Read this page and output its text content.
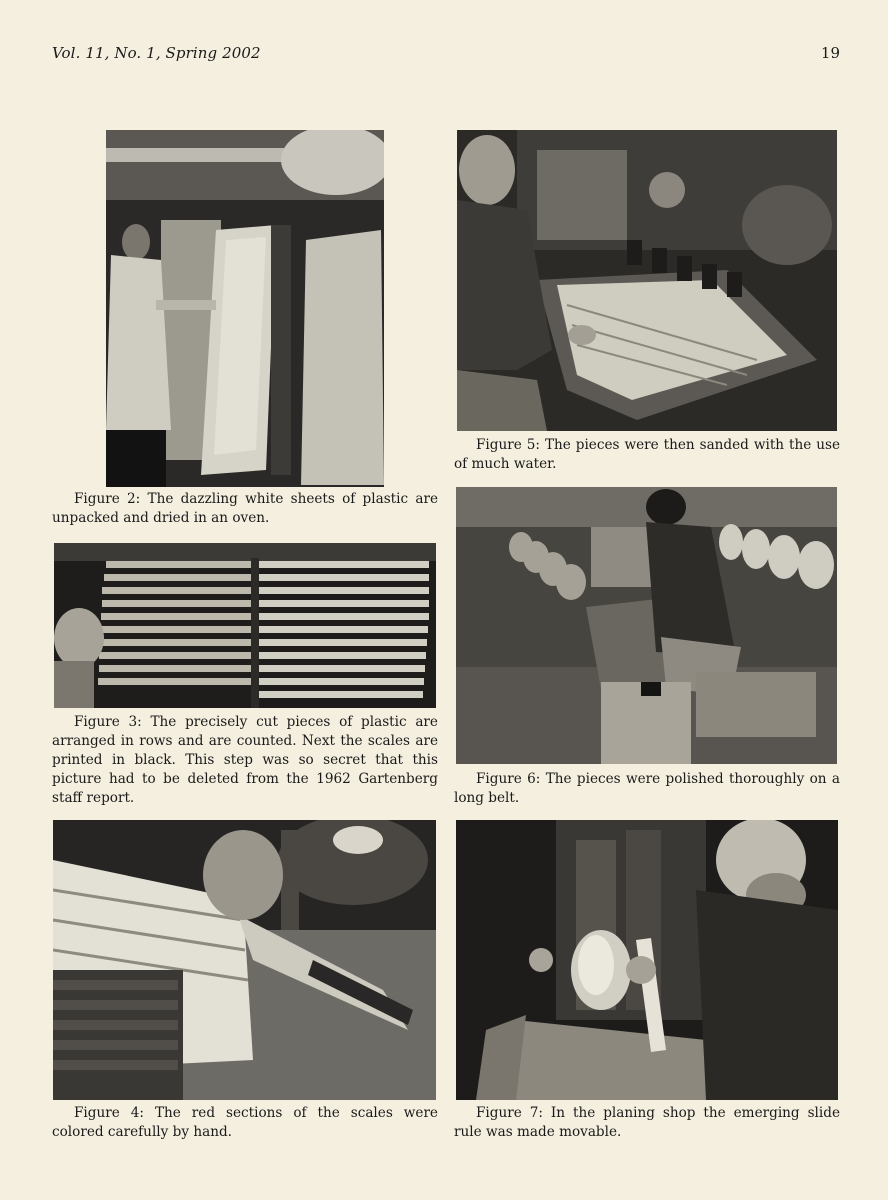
Vol. 11, No. 1, Spring 2002	19

Figure 2: The dazzling white sheets of plastic are unpacked and dried in an oven.

Figure 3: The precisely cut pieces of plastic are arranged in rows and are counted. Next the scales are printed in black. This step was so secret that this picture had to be deleted from the 1962 Gartenberg staff report.

Figure 4: The red sections of the scales were colored carefully by hand.

Figure 5: The pieces were then sanded with the use of much water.

Figure 6: The pieces were polished thoroughly on a long belt.

Figure 7: In the planing shop the emerging slide rule was made movable.
